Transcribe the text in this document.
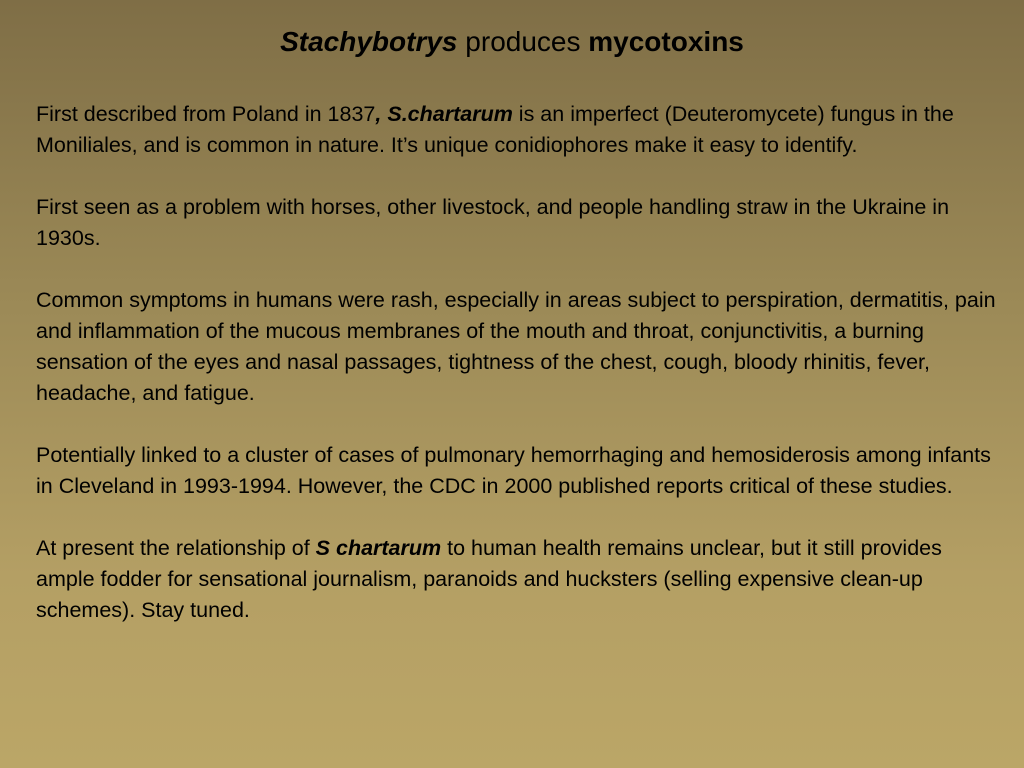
Stachybotrys produces mycotoxins

First described from Poland in 1837, S.chartarum is an imperfect (Deuteromycete) fungus in the Moniliales, and is common in nature. It’s unique conidiophores make it easy to identify.

First seen as a problem with horses, other livestock, and people handling straw in the Ukraine in 1930s.

Common symptoms in humans were rash, especially in areas subject to perspiration, dermatitis, pain and inflammation of the mucous membranes of the mouth and throat, conjunctivitis, a burning sensation of the eyes and nasal passages, tightness of the chest, cough, bloody rhinitis, fever, headache, and fatigue.

Potentially linked to a cluster of cases of pulmonary hemorrhaging and hemosiderosis among infants in Cleveland in 1993-1994. However, the CDC in 2000 published reports critical of these studies.

At present the relationship of S chartarum to human health remains unclear, but it still provides ample fodder for sensational journalism, paranoids and hucksters (selling expensive clean-up schemes). Stay tuned.
